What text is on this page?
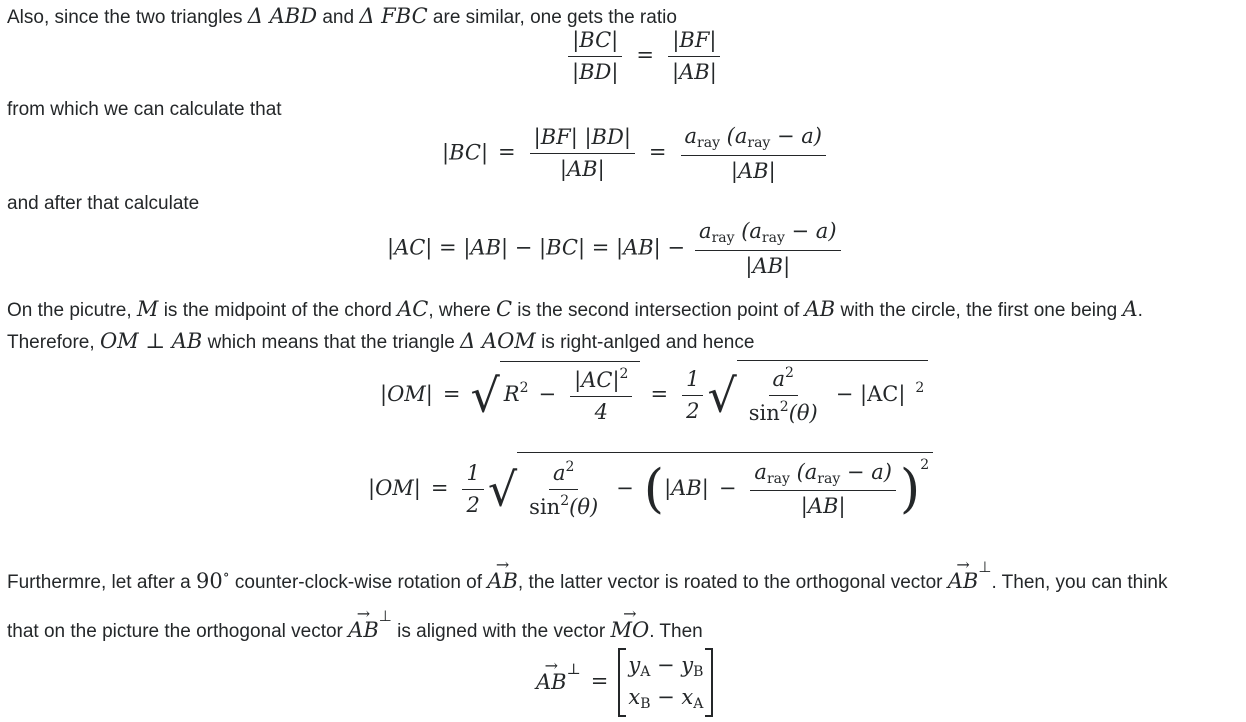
Also, since the two triangles Δ ABD and Δ FBC are similar, one gets the ratio
$\frac{|BC|}{|BD|} = \frac{|BF|}{|AB|}$
from which we can calculate that
$|BC| = \frac{|BF| |BD|}{|AB|} = \frac{a_{ray} (a_{ray} - a)}{|AB|}$
and after that calculate
$|AC| = |AB| - |BC| = |AB| - \frac{a_{ray} (a_{ray} - a)}{|AB|}$
On the picutre, M is the midpoint of the chord AC, where C is the second intersection point of AB with the circle, the first one being A.
Therefore, OM ⊥ AB which means that the triangle Δ AOM is right-anlged and hence
|OM| = √ $R^2 - \frac{|AC|^2}{4} = \frac{1}{2}$ √ $\frac{a^2}{\sin^2(\theta)} - |AC|$ $^2$
$|OM| = \frac{1}{2}$ √ $\frac{a^2}{\sin^2(\theta)} - (|AB| - \frac{a_{ray} (a_{ray} - a)}{|AB|} )^2$
Furthermre, let after a 90∘ counter-clock-wise rotation of
→
AB, the latter vector is roated to the orthogonal vector
→
AB⊥. Then, you can think
that on the picture the orthogonal vector
→
AB⊥ is aligned with the vector
→
MO. Then
→
AB⊥ =
$y_A - y_B$
$x_B - x_A$
